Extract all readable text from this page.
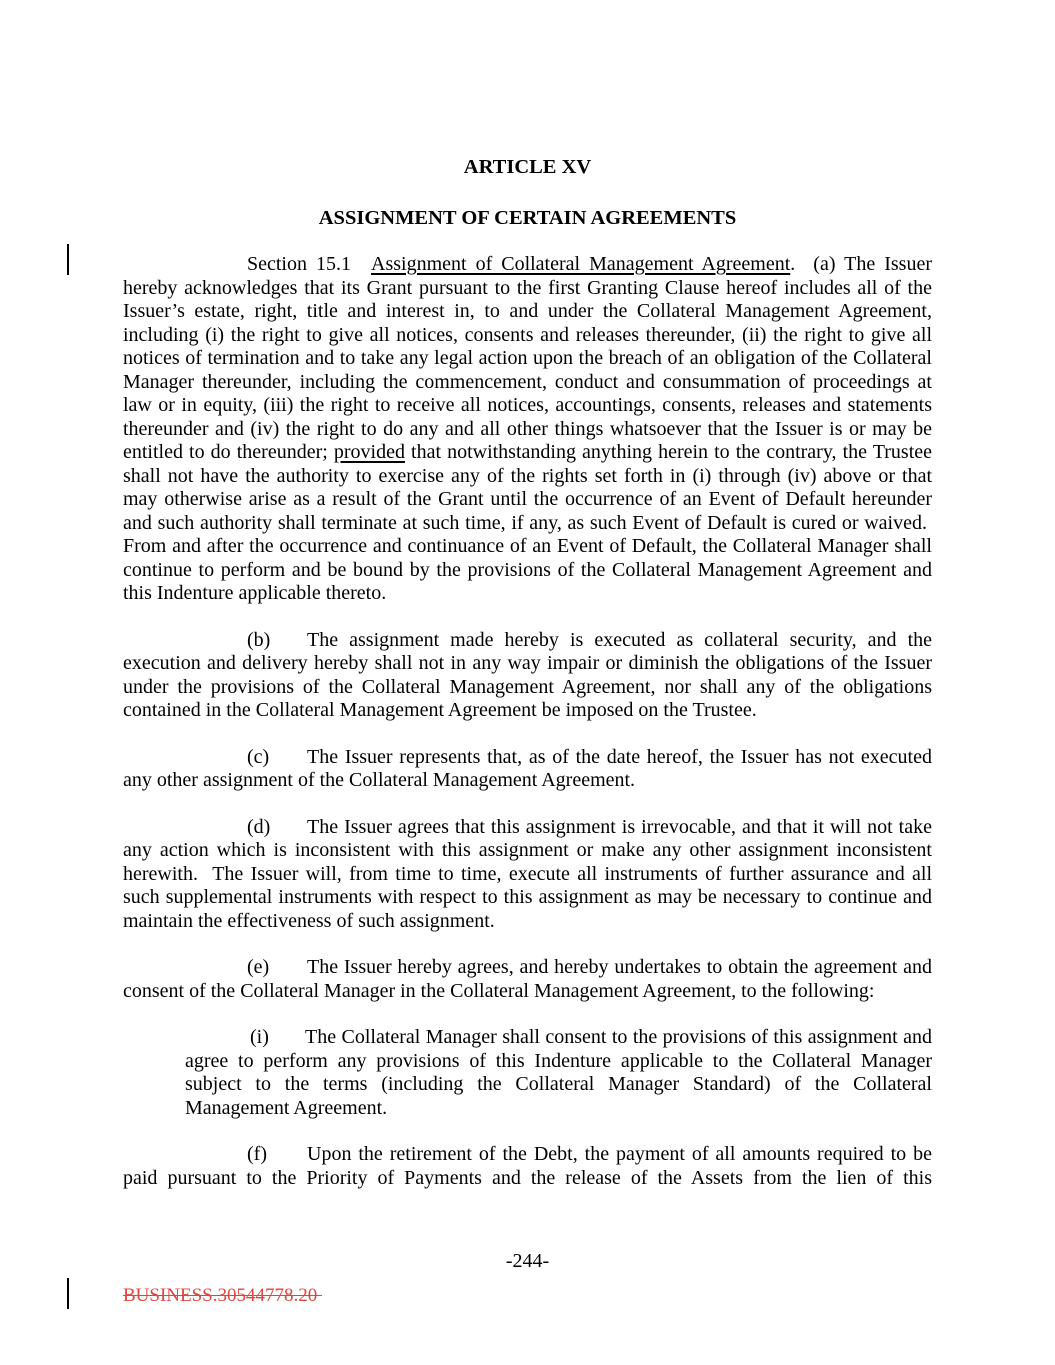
ARTICLE XV
ASSIGNMENT OF CERTAIN AGREEMENTS

Section 15.1 Assignment of Collateral Management Agreement.  (a) The Issuer hereby acknowledges that its Grant pursuant to the first Granting Clause hereof includes all of the Issuer’s estate, right, title and interest in, to and under the Collateral Management Agreement, including (i) the right to give all notices, consents and releases thereunder, (ii) the right to give all notices of termination and to take any legal action upon the breach of an obligation of the Collateral Manager thereunder, including the commencement, conduct and consummation of proceedings at law or in equity, (iii) the right to receive all notices, accountings, consents, releases and statements thereunder and (iv) the right to do any and all other things whatsoever that the Issuer is or may be entitled to do thereunder; provided that notwithstanding anything herein to the contrary, the Trustee shall not have the authority to exercise any of the rights set forth in (i) through (iv) above or that may otherwise arise as a result of the Grant until the occurrence of an Event of Default hereunder and such authority shall terminate at such time, if any, as such Event of Default is cured or waived.  From and after the occurrence and continuance of an Event of Default, the Collateral Manager shall continue to perform and be bound by the provisions of the Collateral Management Agreement and this Indenture applicable thereto.

(b) The assignment made hereby is executed as collateral security, and the execution and delivery hereby shall not in any way impair or diminish the obligations of the Issuer under the provisions of the Collateral Management Agreement, nor shall any of the obligations contained in the Collateral Management Agreement be imposed on the Trustee.

(c) The Issuer represents that, as of the date hereof, the Issuer has not executed any other assignment of the Collateral Management Agreement.

(d) The Issuer agrees that this assignment is irrevocable, and that it will not take any action which is inconsistent with this assignment or make any other assignment inconsistent herewith.  The Issuer will, from time to time, execute all instruments of further assurance and all such supplemental instruments with respect to this assignment as may be necessary to continue and maintain the effectiveness of such assignment.

(e) The Issuer hereby agrees, and hereby undertakes to obtain the agreement and consent of the Collateral Manager in the Collateral Management Agreement, to the following:

(i) The Collateral Manager shall consent to the provisions of this assignment and agree to perform any provisions of this Indenture applicable to the Collateral Manager subject to the terms (including the Collateral Manager Standard) of the Collateral Management Agreement.

(f) Upon the retirement of the Debt, the payment of all amounts required to be paid pursuant to the Priority of Payments and the release of the Assets from the lien of this

-244-
BUSINESS.30544778.20
